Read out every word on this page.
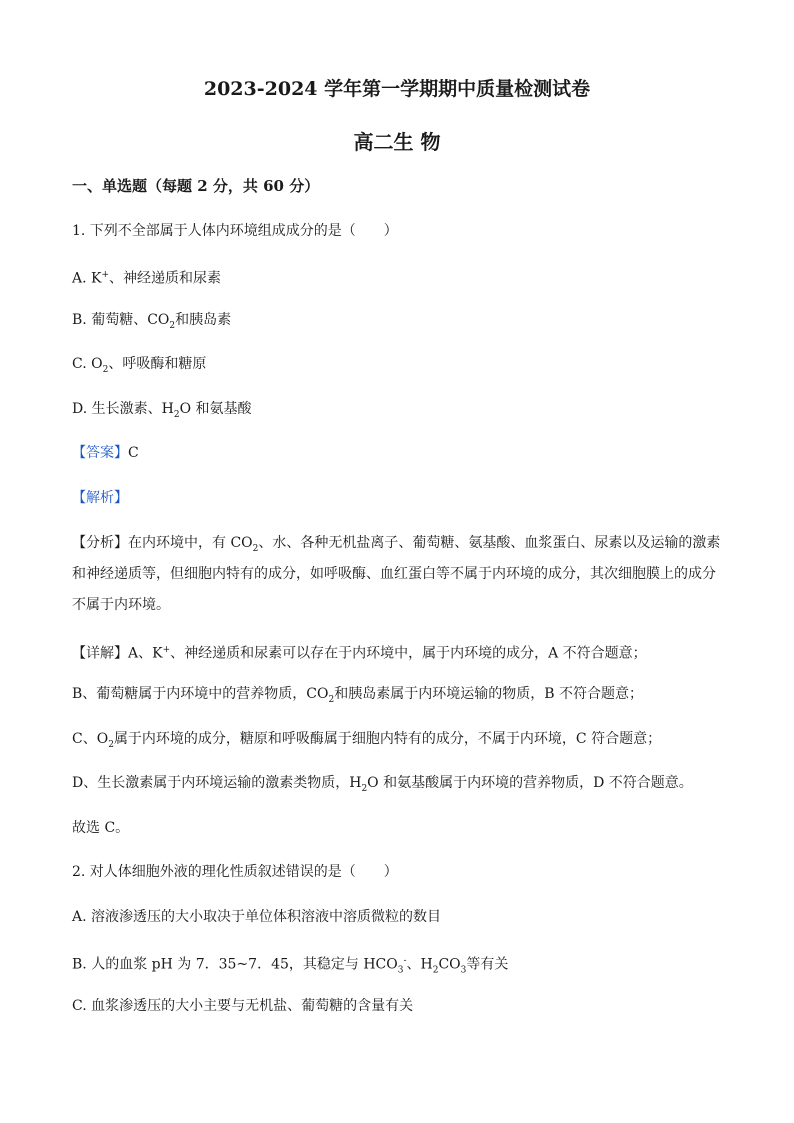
2023-2024 学年第一学期期中质量检测试卷
高二生 物
一、单选题（每题 2 分，共 60 分）
1. 下列不全部属于人体内环境组成成分的是（　　）
A. K+、神经递质和尿素
B. 葡萄糖、$CO_2$和胰岛素
C. $O_2$、呼吸酶和糖原
D. 生长激素、$H_2O$ 和氨基酸
【答案】C
【解析】
【分析】在内环境中，有 $CO_2$、水、各种无机盐离子、葡萄糖、氨基酸、血浆蛋白、尿素以及运输的激素
和神经递质等，但细胞内特有的成分，如呼吸酶、血红蛋白等不属于内环境的成分，其次细胞膜上的成分
不属于内环境。
【详解】A、K+、神经递质和尿素可以存在于内环境中，属于内环境的成分，A 不符合题意；
B、葡萄糖属于内环境中的营养物质，$CO_2$和胰岛素属于内环境运输的物质，B 不符合题意；
C、$O_2$属于内环境的成分，糖原和呼吸酶属于细胞内特有的成分，不属于内环境，C 符合题意；
D、生长激素属于内环境运输的激素类物质，$H_2O$ 和氨基酸属于内环境的营养物质，D 不符合题意。
故选 C。
2. 对人体细胞外液的理化性质叙述错误的是（　　）
A. 溶液渗透压的大小取决于单位体积溶液中溶质微粒的数目
B. 人的血浆 pH 为 7．35~7．45，其稳定与 $HCO_3^-$、$H_2CO_3$等有关
C. 血浆渗透压的大小主要与无机盐、葡萄糖的含量有关
